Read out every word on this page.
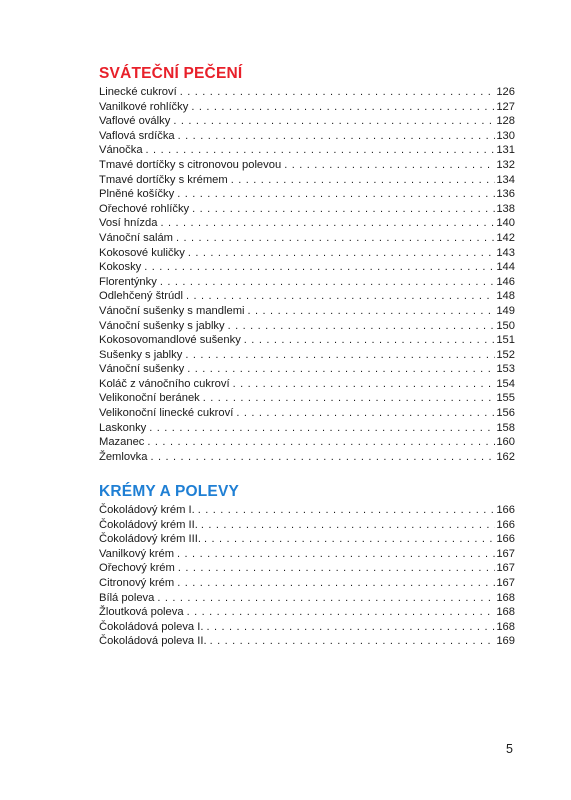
SVÁTEČNÍ PEČENÍ
Linecké cukroví . . .	126
Vanilkové rohlíčky . . .	127
Vaflové oválky . . .	128
Vaflová srdíčka . . .	130
Vánočka . . .	131
Tmavé dortíčky s citronovou polevou . . .	132
Tmavé dortíčky s krémem . . .	134
Plněné košíčky . . .	136
Ořechové rohlíčky . . .	138
Vosí hnízda . . .	140
Vánoční salám . . .	142
Kokosové kuličky . . .	143
Kokosky . . .	144
Florentýnky . . .	146
Odlehčený štrúdl . . .	148
Vánoční sušenky s mandlemi . . .	149
Vánoční sušenky s jablky . . .	150
Kokosovomandlové sušenky . . .	151
Sušenky s jablky . . .	152
Vánoční sušenky . . .	153
Koláč z vánočního cukroví . . .	154
Velikonoční beránek . . .	155
Velikonoční linecké cukroví . . .	156
Laskonky . . .	158
Mazanec . . .	160
Žemlovka . . .	162
KRÉMY A POLEVY
Čokoládový krém I. . . .	166
Čokoládový krém II. . . .	166
Čokoládový krém III. . . .	166
Vanilkový krém . . .	167
Ořechový krém . . .	167
Citronový krém . . .	167
Bílá poleva . . .	168
Žloutková poleva . . .	168
Čokoládová poleva I. . . .	168
Čokoládová poleva II. . . .	169
5
